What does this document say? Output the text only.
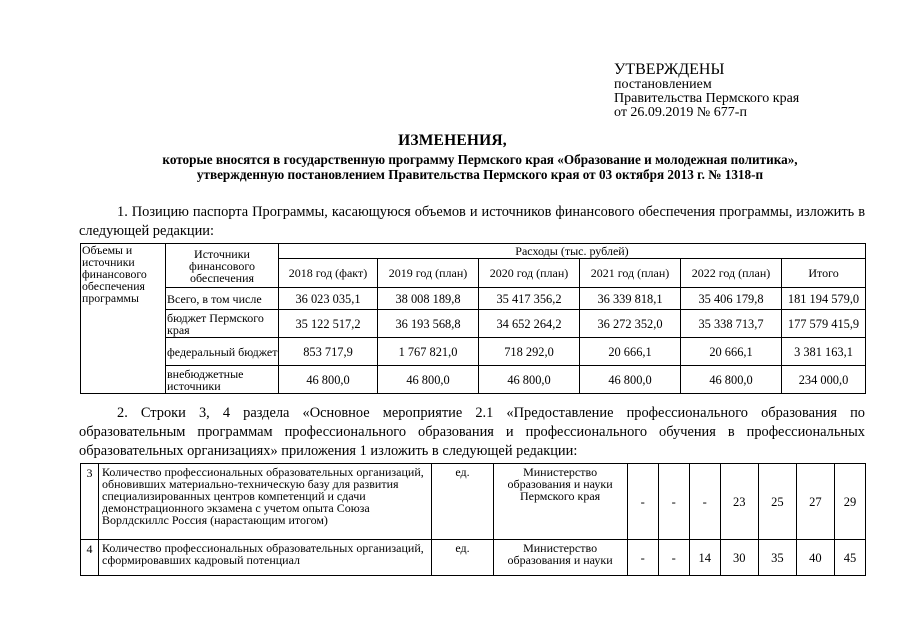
УТВЕРЖДЕНЫ
постановлением
Правительства Пермского края
от 26.09.2019 № 677-п
ИЗМЕНЕНИЯ,
которые вносятся в государственную программу Пермского края «Образование и молодежная политика»,
утвержденную постановлением Правительства Пермского края от 03 октября 2013 г. № 1318-п
1. Позицию паспорта Программы, касающуюся объемов и источников финансового обеспечения программы, изложить в следующей редакции:
Объемы и источники финансового обеспечения программы	Источники финансового обеспечения	Расходы (тыс. рублей)					
		2018 год (факт)	2019 год (план)	2020 год (план)	2021 год (план)	2022 год (план)	Итого
	Всего, в том числе	36 023 035,1	38 008 189,8	35 417 356,2	36 339 818,1	35 406 179,8	181 194 579,0
	бюджет Пермского края	35 122 517,2	36 193 568,8	34 652 264,2	36 272 352,0	35 338 713,7	177 579 415,9
	федеральный бюджет	853 717,9	1 767 821,0	718 292,0	20 666,1	20 666,1	3 381 163,1
	внебюджетные источники	46 800,0	46 800,0	46 800,0	46 800,0	46 800,0	234 000,0
2. Строки 3, 4 раздела «Основное мероприятие 2.1 «Предоставление профессионального образования по образовательным программам профессионального образования и профессионального обучения в профессиональных образовательных организациях» приложения 1 изложить в следующей редакции:
3	Количество профессиональных образовательных организаций, обновивших материально-техническую базу для развития специализированных центров компетенций и сдачи демонстрационного экзамена с учетом опыта Союза Ворлдскиллс Россия (нарастающим итогом)	ед.	Министерство образования и науки Пермского края	-	-	-	23	25	27	29
4	Количество профессиональных образовательных организаций, сформировавших кадровый потенциал	ед.	Министерство образования и науки	-	-	14	30	35	40	45
